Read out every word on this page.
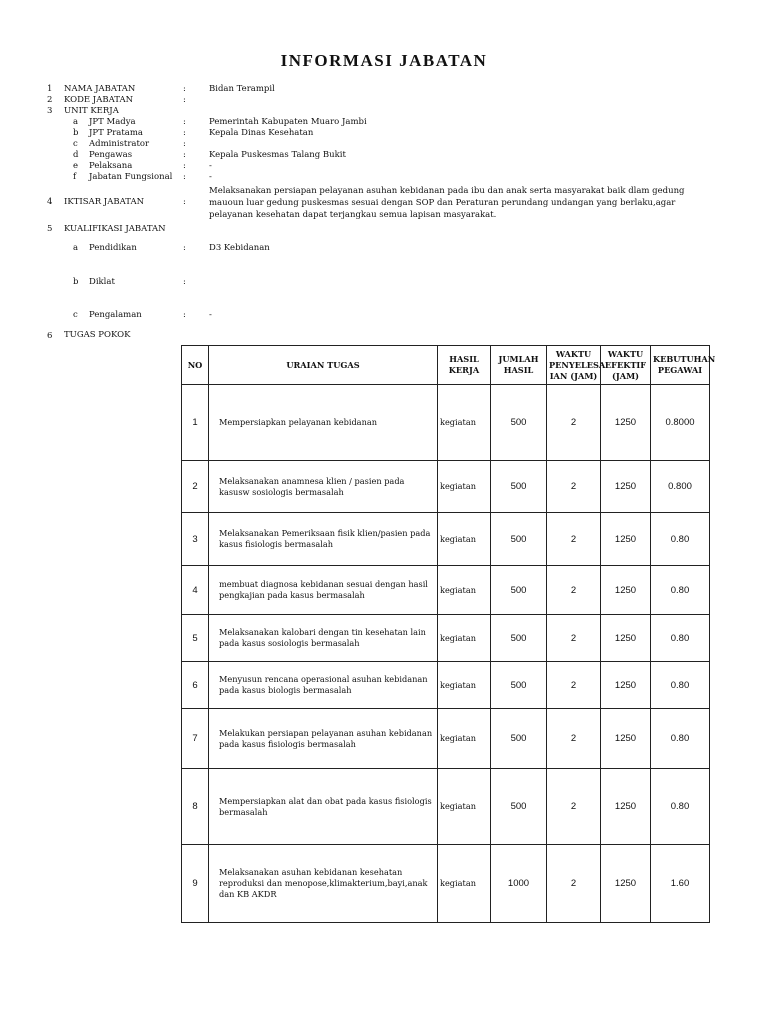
INFORMASI JABATAN
1 NAMA JABATAN	:	Bidan Terampil
2 KODE JABATAN	:
3 UNIT KERJA
a JPT Madya	:	Pemerintah Kabupaten Muaro Jambi
b JPT Pratama	:	Kepala Dinas Kesehatan
c Administrator	:
d Pengawas	:	Kepala Puskesmas Talang Bukit
e Pelaksana	:	-
f Jabatan Fungsional :	-
4 IKTISAR JABATAN	:
Melaksanakan persiapan pelayanan asuhan kebidanan pada ibu dan anak serta masyarakat baik dlam gedung mauoun luar gedung puskesmas sesuai dengan SOP dan Peraturan perundang undangan yang berlaku,agar pelayanan kesehatan dapat terjangkau semua lapisan masyarakat.
5 KUALIFIKASI JABATAN
a Pendidikan	:	D3 Kebidanan
b Diklat	:
c Pengalaman	:	-
6 TUGAS POKOK
NO	URAIAN TUGAS	HASIL KERJA	JUMLAH HASIL	WAKTU PENYELESA IAN (JAM)	WAKTU EFEKTIF (JAM)	KEBUTUHAN PEGAWAI
1	Mempersiapkan pelayanan kebidanan	kegiatan	500	2	1250	0.8000
2	Melaksanakan anamnesa klien / pasien pada kasusw sosiologis bermasalah	kegiatan	500	2	1250	0.800
3	Melaksanakan Pemeriksaan fisik klien/pasien pada kasus fisiologis bermasalah	kegiatan	500	2	1250	0.80
4	membuat diagnosa kebidanan sesuai dengan hasil pengkajian pada kasus bermasalah	kegiatan	500	2	1250	0.80
5	Melaksanakan kalobari dengan tin kesehatan lain pada kasus sosiologis bermasalah	kegiatan	500	2	1250	0.80
6	Menyusun rencana operasional asuhan kebidanan pada kasus biologis bermasalah	kegiatan	500	2	1250	0.80
7	Melakukan persiapan pelayanan asuhan kebidanan pada kasus fisiologis bermasalah	kegiatan	500	2	1250	0.80
8	Mempersiapkan alat dan obat pada kasus fisiologis bermasalah	kegiatan	500	2	1250	0.80
9	Melaksanakan asuhan kebidanan kesehatan reproduksi dan menopose,klimakterium,bayi,anak dan KB AKDR	kegiatan	1000	2	1250	1.60
